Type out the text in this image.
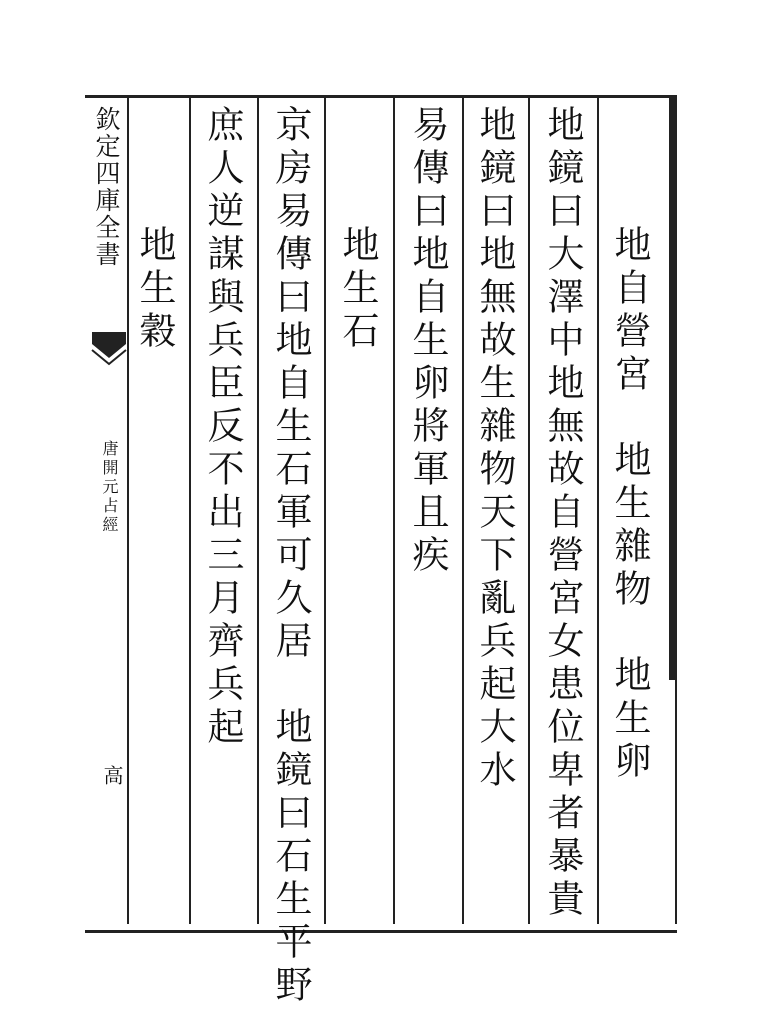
欽定四庫全書
唐開元占經
高	地自營宮　地生雜物　地生卵
地鏡曰大澤中地無故自營宮女患位卑者暴貴
地鏡曰地無故生雜物天下亂兵起大水
易傳曰地自生卵將軍且疾
地生石
京房易傳曰地自生石軍可久居　地鏡曰石生平野
庶人逆謀與兵臣反不出三月齊兵起
地生穀
